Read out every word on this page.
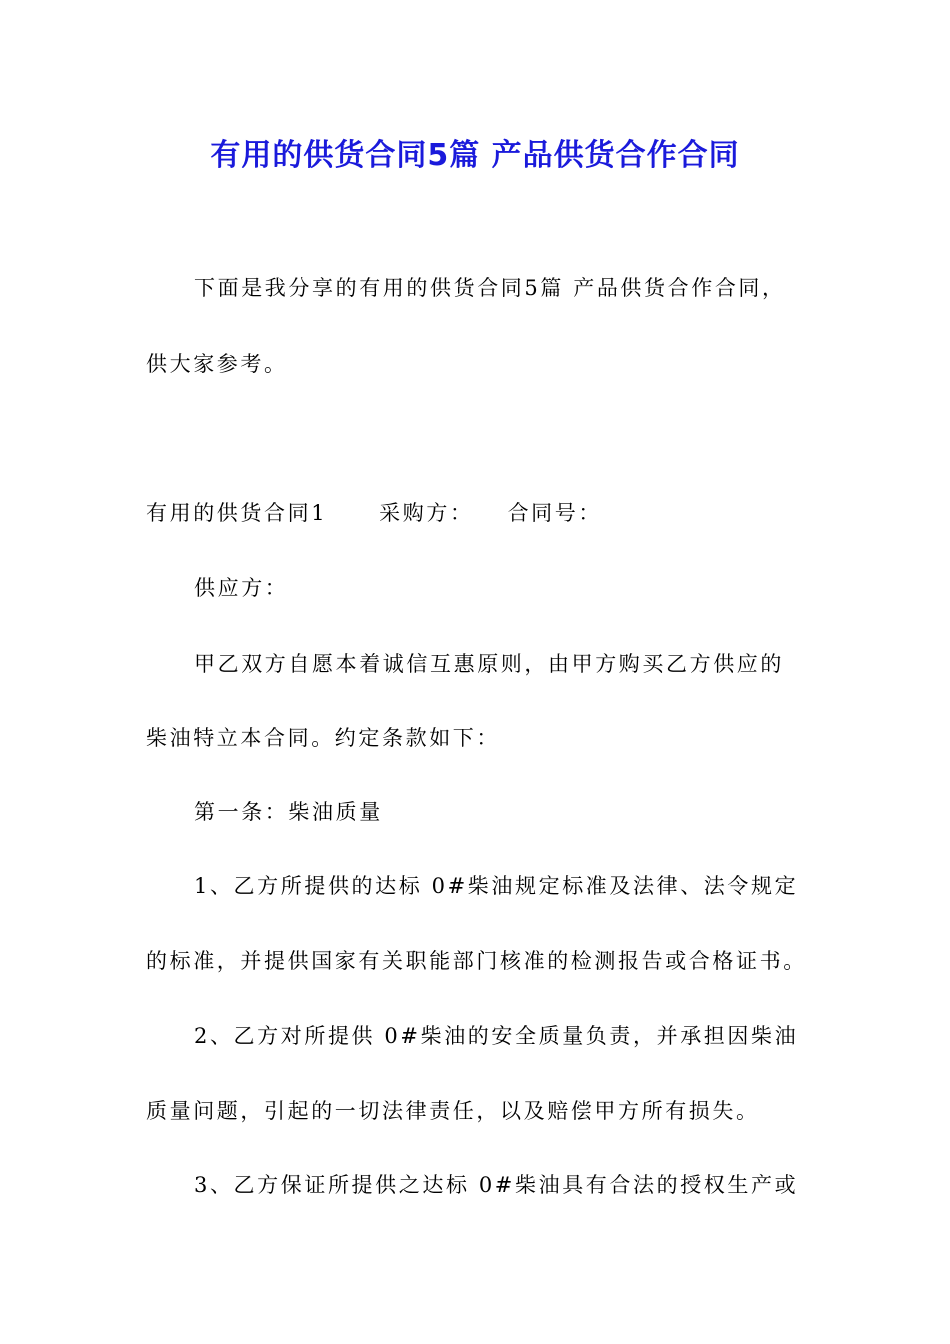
有用的供货合同5篇 产品供货合作合同
下面是我分享的有用的供货合同5篇 产品供货合作合同，
供大家参考。
有用的供货合同1 采购方： 合同号：
供应方：
甲乙双方自愿本着诚信互惠原则，由甲方购买乙方供应的
柴油特立本合同。约定条款如下：
第一条：柴油质量
1、乙方所提供的达标 0#柴油规定标准及法律、法令规定
的标准，并提供国家有关职能部门核准的检测报告或合格证书。
2、乙方对所提供 0#柴油的安全质量负责，并承担因柴油
质量问题，引起的一切法律责任，以及赔偿甲方所有损失。
3、乙方保证所提供之达标 0#柴油具有合法的授权生产或
